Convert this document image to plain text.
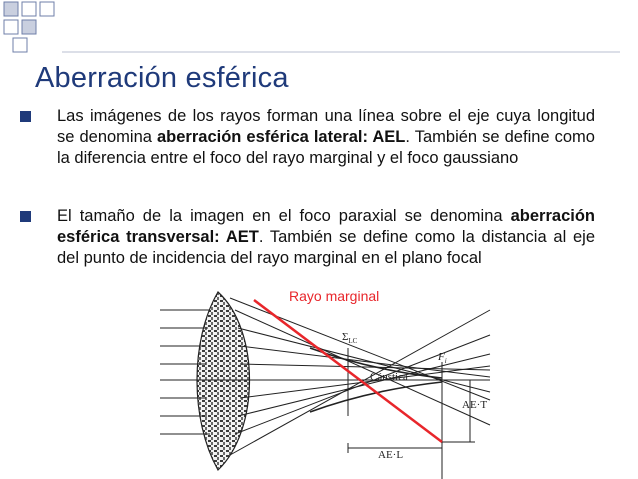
Aberración esférica

Las imágenes de los rayos forman una línea sobre el eje cuya longitud se denomina aberración esférica lateral: AEL. También se define como la diferencia entre el foco del rayo marginal y el foco gaussiano

El tamaño de la imagen en el foco paraxial se denomina aberración esférica transversal: AET. También se define como la distancia al eje del punto de incidencia del rayo marginal en el plano focal

$\Sigma_{LC}$
$F_i$
Cáustica
AE·T
AE·L
Rayo marginal
